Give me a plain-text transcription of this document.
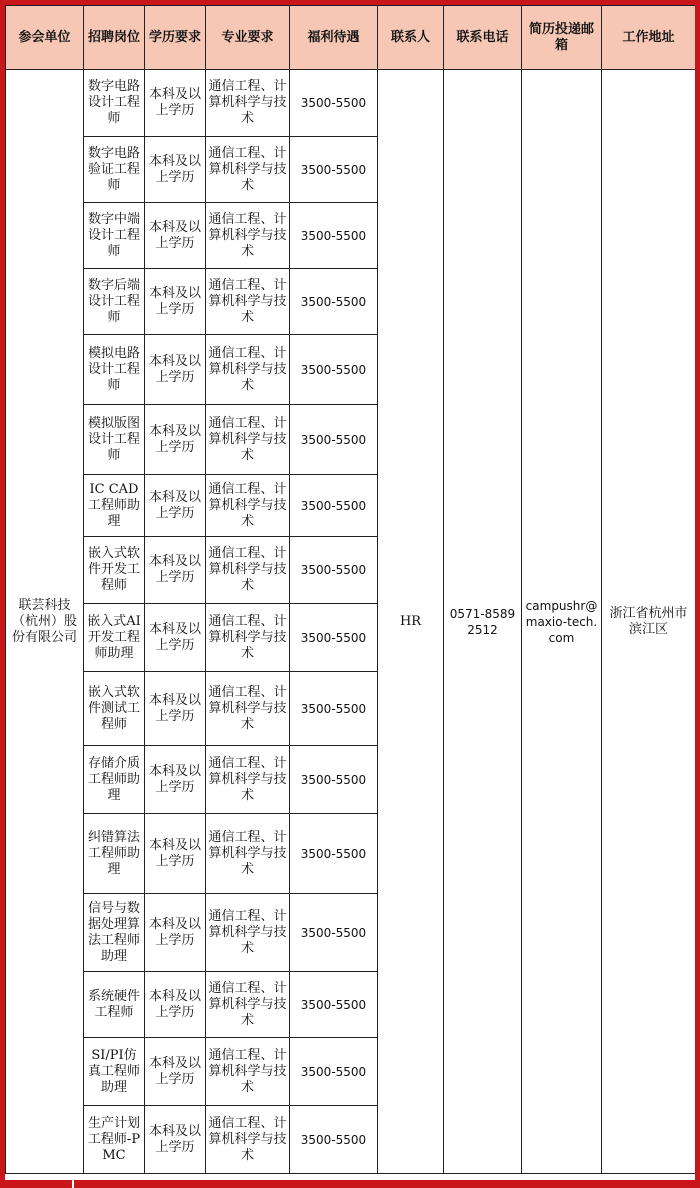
参会单位	招聘岗位	学历要求	专业要求	福利待遇	联系人	联系电话	简历投递邮箱	工作地址
联芸科技（杭州）股份有限公司	数字电路设计工程师	本科及以上学历	通信工程、计算机科学与技术	3500-5500	HR	0571-85892512	campushr@maxio-tech.com	浙江省杭州市滨江区
	数字电路验证工程师	本科及以上学历	通信工程、计算机科学与技术	3500-5500				
	数字中端设计工程师	本科及以上学历	通信工程、计算机科学与技术	3500-5500				
	数字后端设计工程师	本科及以上学历	通信工程、计算机科学与技术	3500-5500				
	模拟电路设计工程师	本科及以上学历	通信工程、计算机科学与技术	3500-5500				
	模拟版图设计工程师	本科及以上学历	通信工程、计算机科学与技术	3500-5500				
	IC CAD工程师助理	本科及以上学历	通信工程、计算机科学与技术	3500-5500				
	嵌入式软件开发工程师	本科及以上学历	通信工程、计算机科学与技术	3500-5500				
	嵌入式AI开发工程师助理	本科及以上学历	通信工程、计算机科学与技术	3500-5500				
	嵌入式软件测试工程师	本科及以上学历	通信工程、计算机科学与技术	3500-5500				
	存储介质工程师助理	本科及以上学历	通信工程、计算机科学与技术	3500-5500				
	纠错算法工程师助理	本科及以上学历	通信工程、计算机科学与技术	3500-5500				
	信号与数据处理算法工程师助理	本科及以上学历	通信工程、计算机科学与技术	3500-5500				
	系统硬件工程师	本科及以上学历	通信工程、计算机科学与技术	3500-5500				
	SI/PI仿真工程师助理	本科及以上学历	通信工程、计算机科学与技术	3500-5500				
	生产计划工程师-PMC	本科及以上学历	通信工程、计算机科学与技术	3500-5500				
